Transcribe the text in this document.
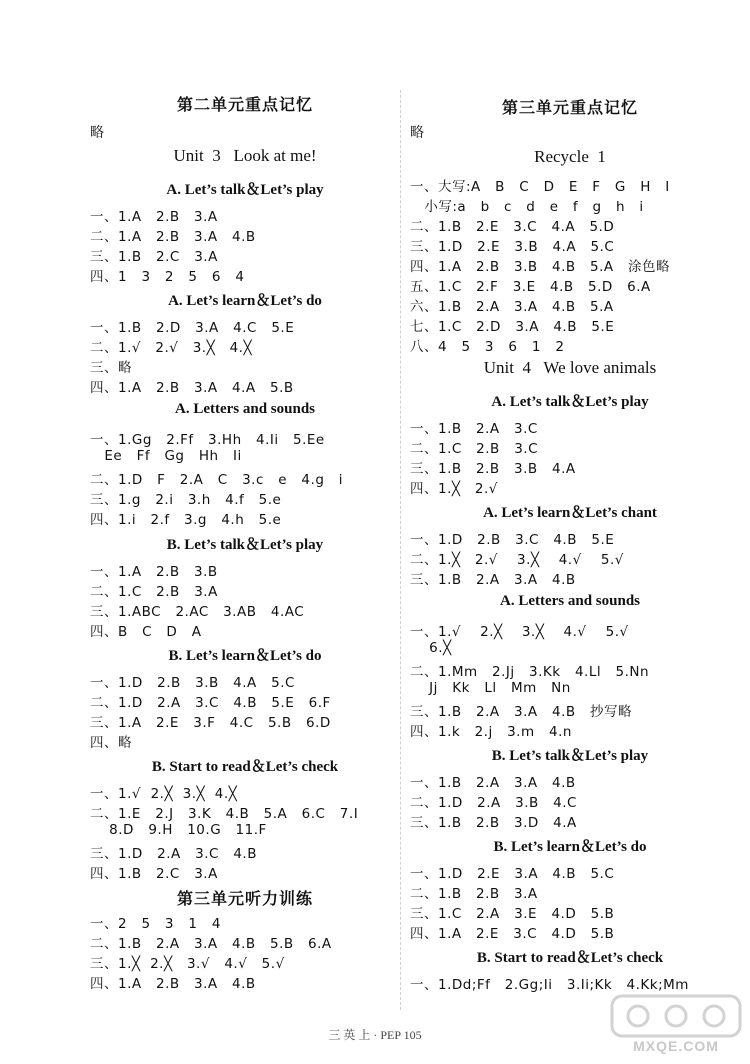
第二单元重点记忆
略
Unit  3   Look at me!
A. Let’s talk＆Let’s play
一、1.A   2.B   3.A
二、1.A   2.B   3.A   4.B
三、1.B   2.C   3.A
四、1   3   2   5   6   4
A. Let’s learn＆Let’s do
一、1.B   2.D   3.A   4.C   5.E
二、1.√   2.√   3.╳   4.╳
三、略
四、1.A   2.B   3.A   4.A   5.B
A. Letters and sounds
一、1.Gg   2.Ff   3.Hh   4.Ii   5.Ee
Ee   Ff   Gg   Hh   Ii
二、1.D   F   2.A   C   3.c   e   4.g   i
三、1.g   2.i   3.h   4.f   5.e
四、1.i   2.f   3.g   4.h   5.e
B. Let’s talk＆Let’s play
一、1.A   2.B   3.B
二、1.C   2.B   3.A
三、1.ABC   2.AC   3.AB   4.AC
四、B   C   D   A
B. Let’s learn＆Let’s do
一、1.D   2.B   3.B   4.A   5.C
二、1.D   2.A   3.C   4.B   5.E   6.F
三、1.A   2.E   3.F   4.C   5.B   6.D
四、略
B. Start to read＆Let’s check
一、1.√  2.╳  3.╳  4.╳
二、1.E   2.J   3.K   4.B   5.A   6.C   7.I
8.D   9.H   10.G   11.F
三、1.D   2.A   3.C   4.B
四、1.B   2.C   3.A
第三单元听力训练
一、2   5   3   1   4
二、1.B   2.A   3.A   4.B   5.B   6.A
三、1.╳  2.╳   3.√   4.√   5.√
四、1.A   2.B   3.A   4.B
第三单元重点记忆
略
Recycle  1
一、大写:A   B   C   D   E   F   G   H   I
小写:a   b   c   d   e   f   g   h   i
二、1.B   2.E   3.C   4.A   5.D
三、1.D   2.E   3.B   4.A   5.C
四、1.A   2.B   3.B   4.B   5.A   涂色略
五、1.C   2.F   3.E   4.B   5.D   6.A
六、1.B   2.A   3.A   4.B   5.A
七、1.C   2.D   3.A   4.B   5.E
八、4   5   3   6   1   2
Unit  4   We love animals
A. Let’s talk＆Let’s play
一、1.B   2.A   3.C
二、1.C   2.B   3.C
三、1.B   2.B   3.B   4.A
四、1.╳   2.√
A. Let’s learn＆Let’s chant
一、1.D   2.B   3.C   4.B   5.E
二、1.╳   2.√    3.╳    4.√    5.√
三、1.B   2.A   3.A   4.B
A. Letters and sounds
一、1.√    2.╳    3.╳    4.√    5.√
6.╳
二、1.Mm   2.Jj   3.Kk   4.Ll   5.Nn
Jj   Kk   Ll   Mm   Nn
三、1.B   2.A   3.A   4.B   抄写略
四、1.k   2.j   3.m   4.n
B. Let’s talk＆Let’s play
一、1.B   2.A   3.A   4.B
二、1.D   2.A   3.B   4.C
三、1.B   2.B   3.D   4.A
B. Let’s learn＆Let’s do
一、1.D   2.E   3.A   4.B   5.C
二、1.B   2.B   3.A
三、1.C   2.A   3.E   4.D   5.B
四、1.A   2.E   3.C   4.D   5.B
B. Start to read＆Let’s check
一、1.Dd;Ff   2.Gg;Ii   3.Ii;Kk   4.Kk;Mm
三 英 上 · PEP 105
MXQE.COM
